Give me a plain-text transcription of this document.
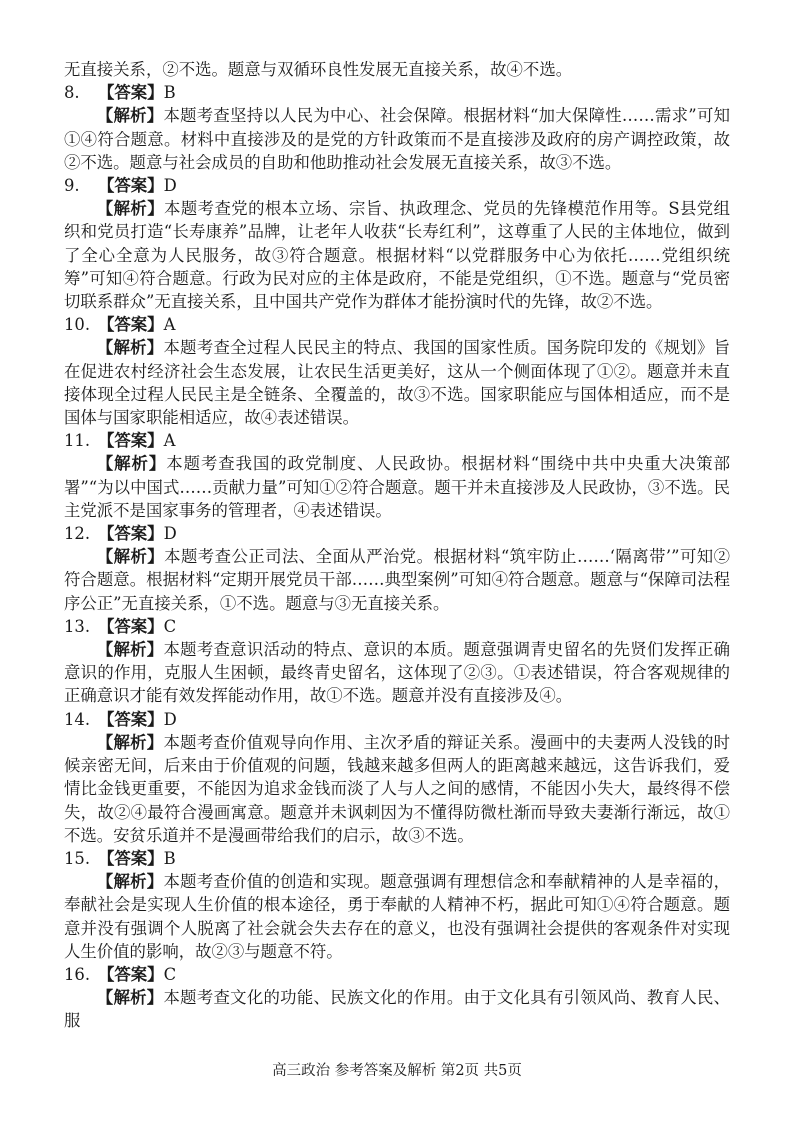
无直接关系，②不选。题意与双循环良性发展无直接关系，故④不选。

8. 【答案】B

【解析】本题考查坚持以人民为中心、社会保障。根据材料“加大保障性……需求”可知①④符合题意。材料中直接涉及的是党的方针政策而不是直接涉及政府的房产调控政策，故②不选。题意与社会成员的自助和他助推动社会发展无直接关系，故③不选。

9. 【答案】D

【解析】本题考查党的根本立场、宗旨、执政理念、党员的先锋模范作用等。S县党组织和党员打造“长寿康养”品牌，让老年人收获“长寿红利”，这尊重了人民的主体地位，做到了全心全意为人民服务，故③符合题意。根据材料“以党群服务中心为依托……党组织统筹”可知④符合题意。行政为民对应的主体是政府，不能是党组织，①不选。题意与“党员密切联系群众”无直接关系，且中国共产党作为群体才能扮演时代的先锋，故②不选。

10. 【答案】A

【解析】本题考查全过程人民民主的特点、我国的国家性质。国务院印发的《规划》旨在促进农村经济社会生态发展，让农民生活更美好，这从一个侧面体现了①②。题意并未直接体现全过程人民民主是全链条、全覆盖的，故③不选。国家职能应与国体相适应，而不是国体与国家职能相适应，故④表述错误。

11. 【答案】A

【解析】本题考查我国的政党制度、人民政协。根据材料“围绕中共中央重大决策部署”“为以中国式……贡献力量”可知①②符合题意。题干并未直接涉及人民政协，③不选。民主党派不是国家事务的管理者，④表述错误。

12. 【答案】D

【解析】本题考查公正司法、全面从严治党。根据材料“筑牢防止……‘隔离带’”可知②符合题意。根据材料“定期开展党员干部……典型案例”可知④符合题意。题意与“保障司法程序公正”无直接关系，①不选。题意与③无直接关系。

13. 【答案】C

【解析】本题考查意识活动的特点、意识的本质。题意强调青史留名的先贤们发挥正确意识的作用，克服人生困顿，最终青史留名，这体现了②③。①表述错误，符合客观规律的正确意识才能有效发挥能动作用，故①不选。题意并没有直接涉及④。

14. 【答案】D

【解析】本题考查价值观导向作用、主次矛盾的辩证关系。漫画中的夫妻两人没钱的时候亲密无间，后来由于价值观的问题，钱越来越多但两人的距离越来越远，这告诉我们，爱情比金钱更重要，不能因为追求金钱而淡了人与人之间的感情，不能因小失大，最终得不偿失，故②④最符合漫画寓意。题意并未讽刺因为不懂得防微杜渐而导致夫妻渐行渐远，故①不选。安贫乐道并不是漫画带给我们的启示，故③不选。

15. 【答案】B

【解析】本题考查价值的创造和实现。题意强调有理想信念和奉献精神的人是幸福的，奉献社会是实现人生价值的根本途径，勇于奉献的人精神不朽，据此可知①④符合题意。题意并没有强调个人脱离了社会就会失去存在的意义，也没有强调社会提供的客观条件对实现人生价值的影响，故②③与题意不符。

16. 【答案】C

【解析】本题考查文化的功能、民族文化的作用。由于文化具有引领风尚、教育人民、服

高三政治 参考答案及解析 第2页 共5页
